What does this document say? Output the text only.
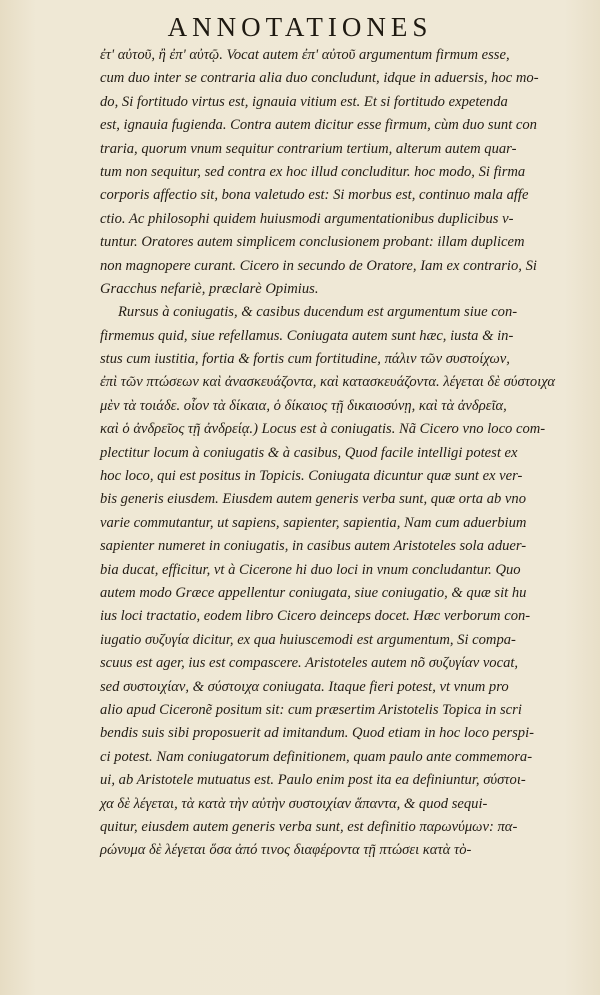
ANNOTATIONES
ἐτ' αὐτοῦ, ἢ ἐπ' αὐτῷ. Vocat autem ἐπ' αὐτοῦ argumentum firmum esse,
cum duo inter se contraria alia duo concludunt, idque in aduersis, hoc mo-
do, Si fortitudo virtus est, ignauia vitium est. Et si fortitudo expetenda
est, ignauia fugienda. Contra autem dicitur esse firmum, cùm duo sunt con
traria, quorum vnum sequitur contrarium tertium, alterum autem quar-
tum non sequitur, sed contra ex hoc illud concluditur. hoc modo, Si firma
corporis affectio sit, bona valetudo est: Si morbus est, continuo mala affe
ctio. Ac philosophi quidem huiusmodi argumentationibus duplicibus v-
tuntur. Oratores autem simplicem conclusionem probant: illam duplicem
non magnopere curant. Cicero in secundo de Oratore, Iam ex contrario, Si
Gracchus nefariè, præclarè Opimius.
Rursus à coniugatis, & casibus ducendum est argumentum siue con-
firmemus quid, siue refellamus. Coniugata autem sunt hæc, iusta & in-
stus cum iustitia, fortia & fortis cum fortitudine, πάλιν τῶν συστοίχων,
ἐπὶ τῶν πτώσεων καὶ ἀνασκευάζοντα, καὶ κατασκευάζοντα. λέγεται δὲ σύστοιχα
μὲν τὰ τοιάδε. οἷον τὰ δίκαια, ὁ δίκαιος τῇ δικαιοσύνῃ, καὶ τὰ ἀνδρεῖα,
καὶ ὁ ἀνδρεῖος τῇ ἀνδρείᾳ.) Locus est à coniugatis. Nã Cicero vno loco com-
plectitur locum à coniugatis & à casibus, Quod facile intelligi potest ex
hoc loco, qui est positus in Topicis. Coniugata dicuntur quæ sunt ex ver-
bis generis eiusdem. Eiusdem autem generis verba sunt, quæ orta ab vno
varie commutantur, ut sapiens, sapienter, sapientia, Nam cum aduerbium
sapienter numeret in coniugatis, in casibus autem Aristoteles sola aduer-
bia ducat, efficitur, vt à Cicerone hi duo loci in vnum concludantur. Quo
autem modo Græce appellentur coniugata, siue coniugatio, & quæ sit hu
ius loci tractatio, eodem libro Cicero deinceps docet. Hæc verborum con-
iugatio συζυγία dicitur, ex qua huiuscemodi est argumentum, Si compa-
scuus est ager, ius est compascere. Aristoteles autem nõ συζυγίαν vocat,
sed συστοιχίαν, & σύστοιχα coniugata. Itaque fieri potest, vt vnum pro
alio apud Ciceronẽ positum sit: cum præsertim Aristotelis Topica in scri
bendis suis sibi proposuerit ad imitandum. Quod etiam in hoc loco perspi-
ci potest. Nam coniugatorum definitionem, quam paulo ante commemora-
ui, ab Aristotele mutuatus est. Paulo enim post ita ea definiuntur, σύστοι-
χα δὲ λέγεται, τὰ κατὰ τὴν αὐτὴν συστοιχίαν ἅπαντα, & quod sequi-
quitur, eiusdem autem generis verba sunt, est definitio παρωνύμων: πα-
ρώνυμα δὲ λέγεται ὅσα ἀπό τινος διαφέροντα τῇ πτώσει κατὰ τὸ-
